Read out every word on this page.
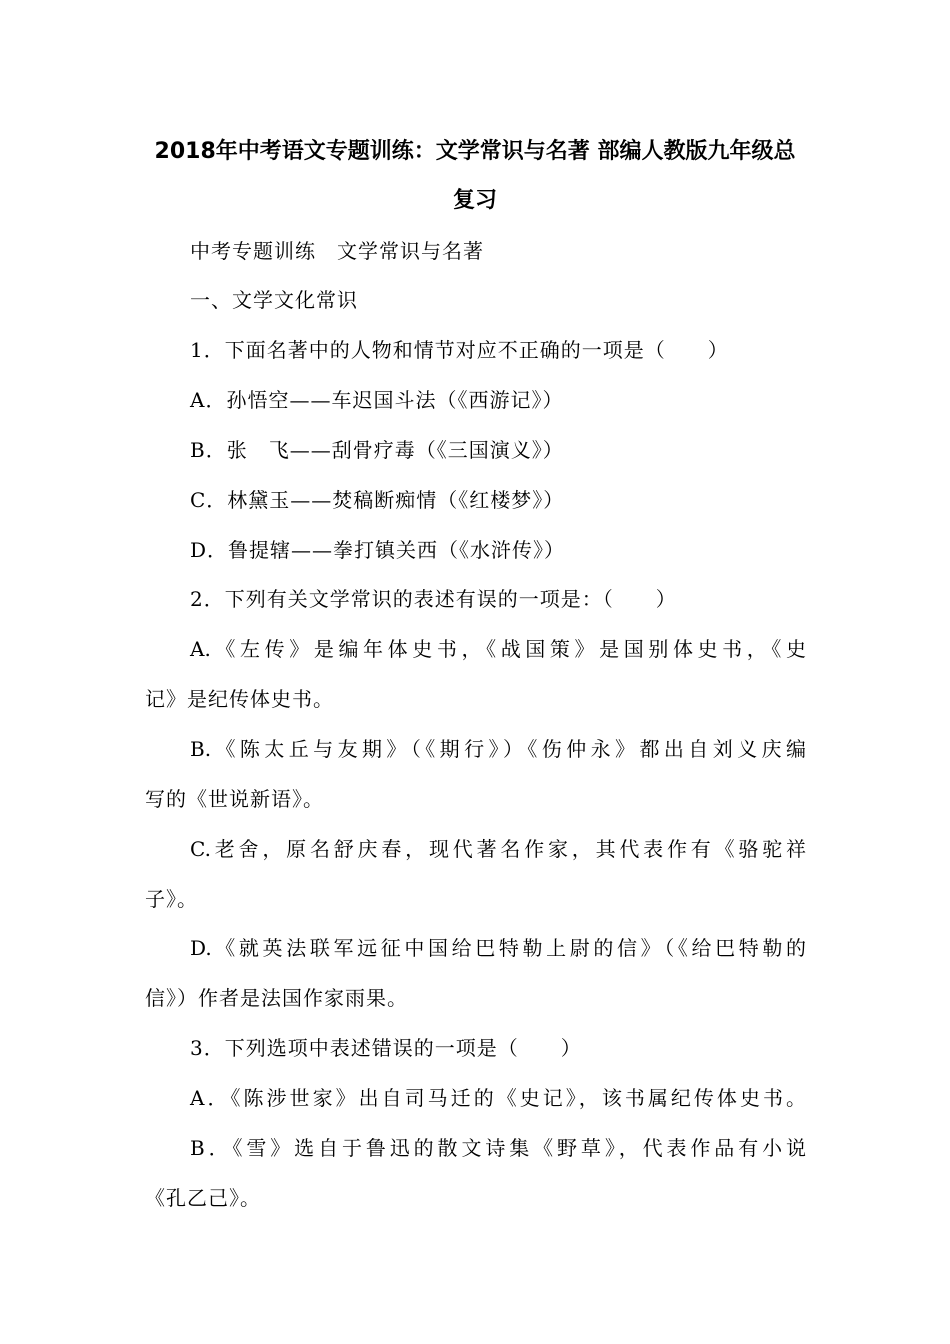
2018年中考语文专题训练：文学常识与名著 部编人教版九年级总
复习
中考专题训练　文学常识与名著
一、文学文化常识
1．下面名著中的人物和情节对应不正确的一项是（　　）
A．孙悟空——车迟国斗法（《西游记》）
B．张　飞——刮骨疗毒（《三国演义》）
C．林黛玉——焚稿断痴情（《红楼梦》）
D．鲁提辖——拳打镇关西（《水浒传》）
2．下列有关文学常识的表述有误的一项是：（　　）
A.《左传》是编年体史书，《战国策》是国别体史书，《史
记》是纪传体史书。
B.《陈太丘与友期》（《期行》）《伤仲永》都出自刘义庆编
写的《世说新语》。
C.老舍，原名舒庆春，现代著名作家，其代表作有《骆驼祥
子》。
D.《就英法联军远征中国给巴特勒上尉的信》（《给巴特勒的
信》）作者是法国作家雨果。
3．下列选项中表述错误的一项是（　　）
A．《陈涉世家》出自司马迁的《史记》，该书属纪传体史书。
B．《雪》选自于鲁迅的散文诗集《野草》，代表作品有小说
《孔乙己》。
